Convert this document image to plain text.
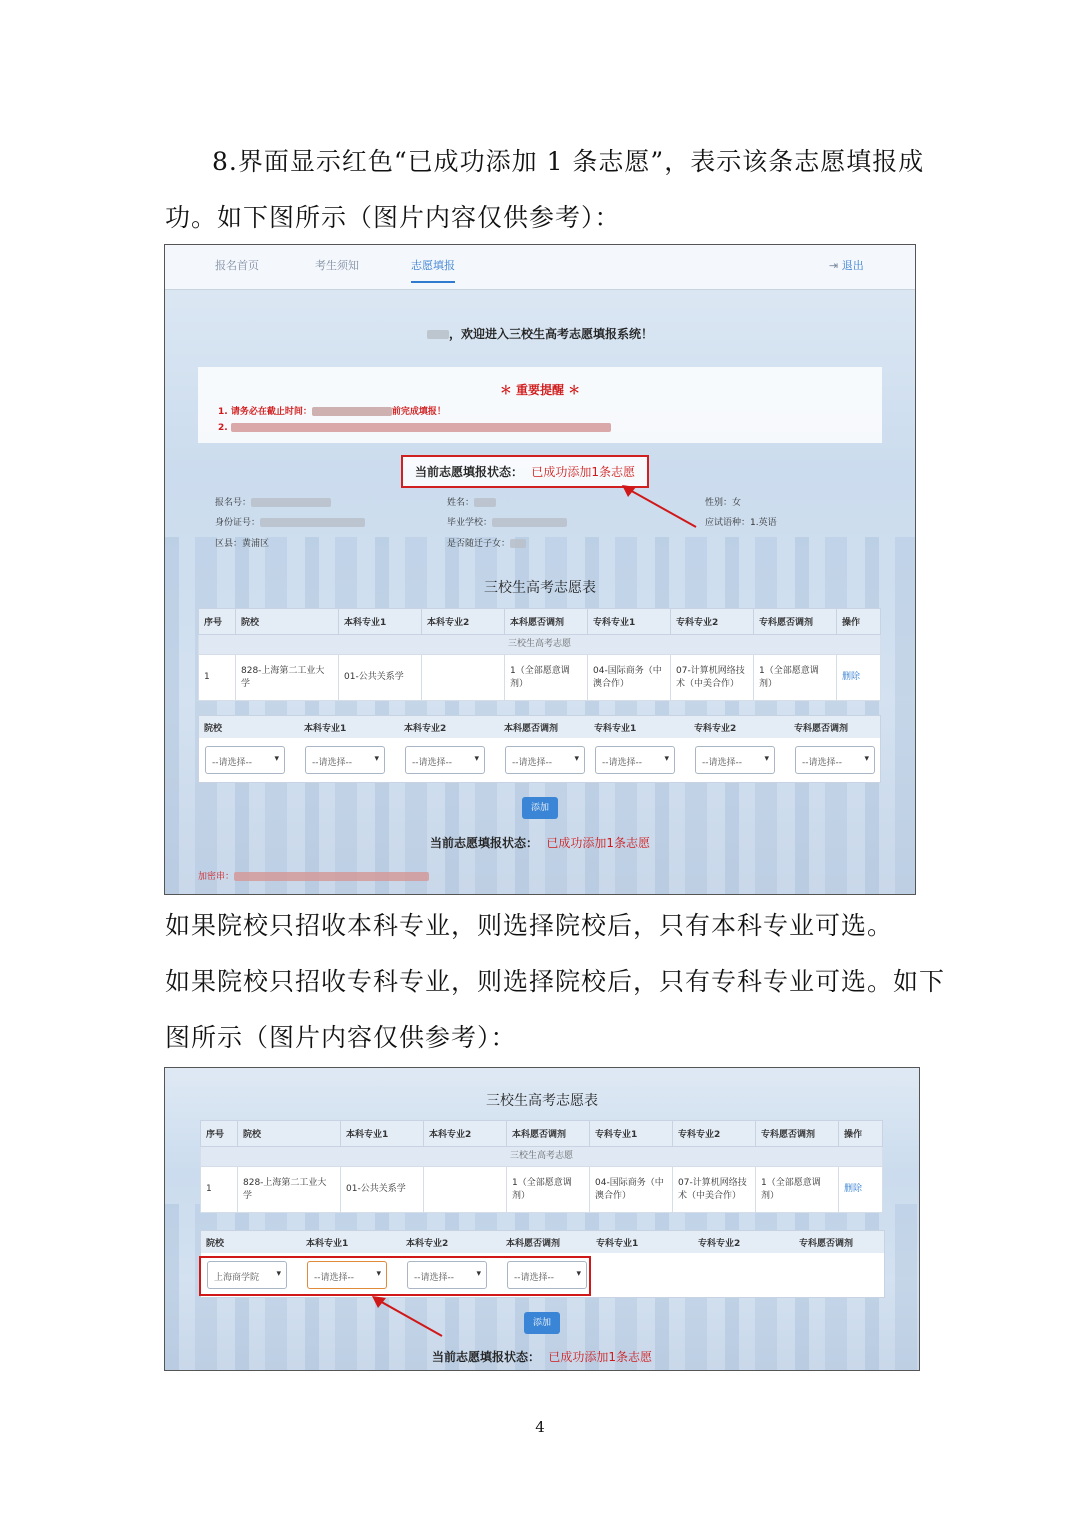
8.界面显示红色“已成功添加 1 条志愿”，表示该条志愿填报成
功。如下图所示（图片内容仅供参考）：
报名首页	考生须知	志愿填报	⇥ 退出
，欢迎进入三校生高考志愿填报系统！
＊ 重要提醒 ＊
1. 请务必在截止时间：	前完成填报！
2.
当前志愿填报状态： 已成功添加1条志愿
报名号：
身份证号：
区县：黄浦区
姓名：
毕业学校：
是否随迁子女：
性别：女
应试语种：1.英语
三校生高考志愿表
序号	院校	本科专业1	本科专业2	本科愿否调剂	专科专业1	专科专业2	专科愿否调剂	操作
三校生高考志愿								
1	828-上海第二工业大学	01-公共关系学		1（全部愿意调剂）	04-国际商务（中澳合作）	07-计算机网络技术（中美合作）	1（全部愿意调剂）	删除
院校	本科专业1	本科专业2	本科愿否调剂	专科专业1	专科专业2	专科愿否调剂
--请选择-- ▾	--请选择-- ▾	--请选择-- ▾	--请选择-- ▾	--请选择-- ▾	--请选择-- ▾	--请选择-- ▾
添加
当前志愿填报状态： 已成功添加1条志愿
加密串：
如果院校只招收本科专业，则选择院校后，只有本科专业可选。
如果院校只招收专科专业，则选择院校后，只有专科专业可选。如下
图所示（图片内容仅供参考）：
三校生高考志愿表
序号	院校	本科专业1	本科专业2	本科愿否调剂	专科专业1	专科专业2	专科愿否调剂	操作
三校生高考志愿								
1	828-上海第二工业大学	01-公共关系学		1（全部愿意调剂）	04-国际商务（中澳合作）	07-计算机网络技术（中美合作）	1（全部愿意调剂）	删除
院校	本科专业1	本科专业2	本科愿否调剂	专科专业1	专科专业2	专科愿否调剂
上海商学院 ▾	--请选择-- ▾	--请选择-- ▾	--请选择-- ▾
添加
当前志愿填报状态： 已成功添加1条志愿
4
